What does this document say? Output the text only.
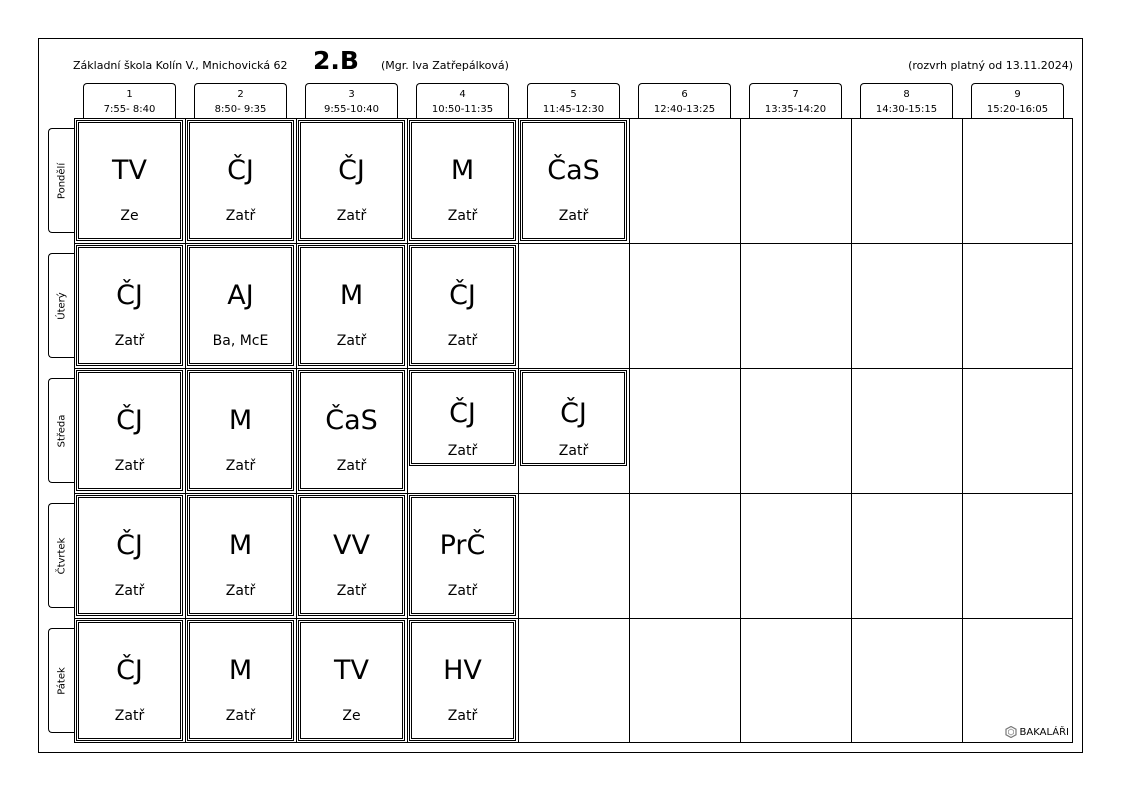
Základní škola Kolín V., Mnichovická 62 2.B (Mgr. Iva Zatřepálková)	(rozvrh platný od 13.11.2024)
1
7:55- 8:40
2
8:50- 9:35
3
9:55-10:40
4
10:50-11:35
5
11:45-12:30
6
12:40-13:25
7
13:35-14:20
8
14:30-15:15
9
15:20-16:05
Pondělí
Úterý
Středa
Čtvrtek
Pátek
TV
Ze
ČJ
Zatř
ČJ
Zatř
M
Zatř
ČaS
Zatř
ČJ
Zatř
AJ
Ba, McE
M
Zatř
ČJ
Zatř
ČJ
Zatř
M
Zatř
ČaS
Zatř
ČJ
Zatř
ČJ
Zatř
ČJ
Zatř
M
Zatř
VV
Zatř
PrČ
Zatř
ČJ
Zatř
M
Zatř
TV
Ze
HV
Zatř
BAKALÁŘI
